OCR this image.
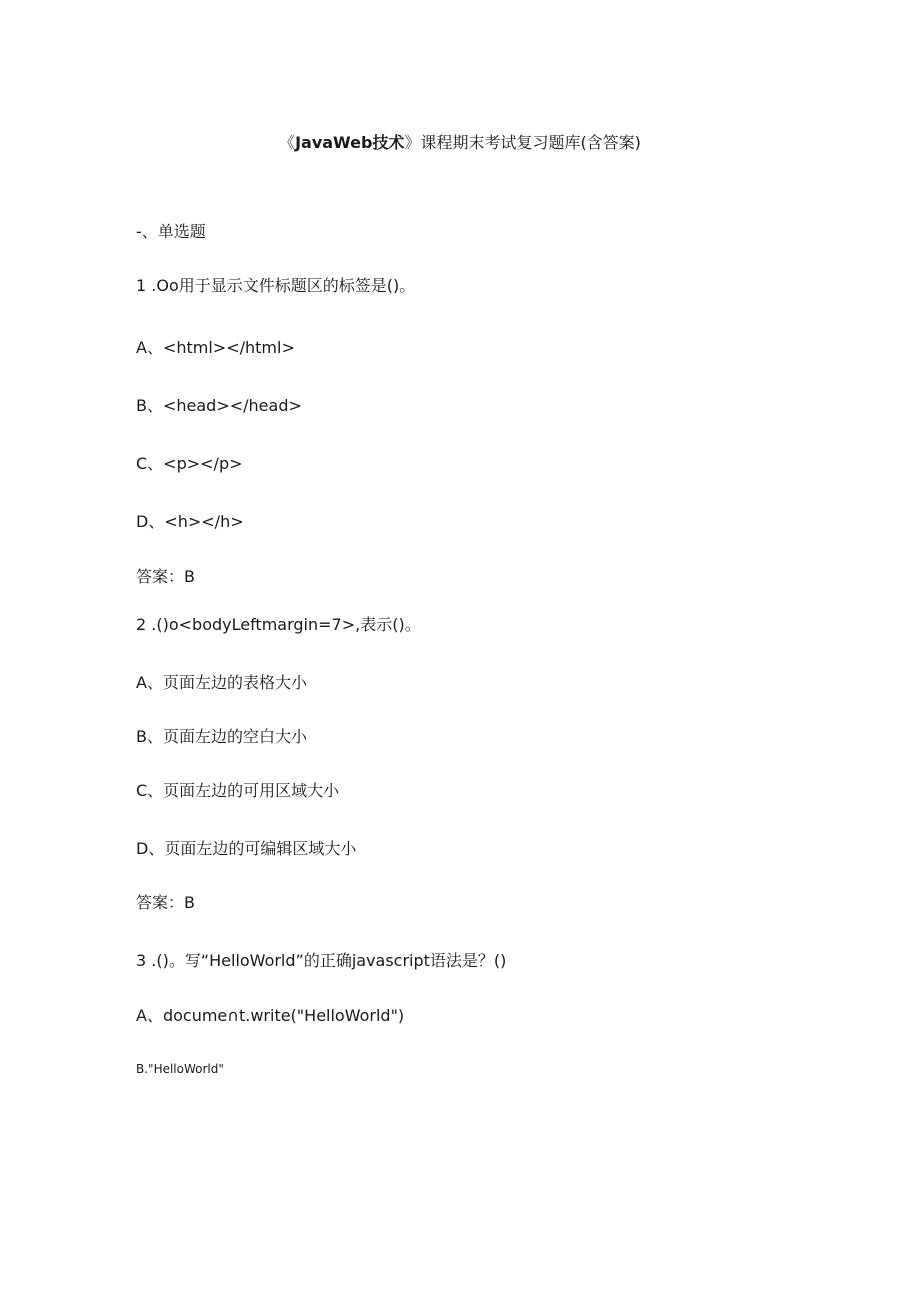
《JavaWeb技术》课程期末考试复习题库(含答案)
-、单选题
1 .Oo用于显示文件标题区的标签是()。
A、<html></html>
B、<head></head>
C、<p></p>
D、<h></h>
答案：B
2 .()o<bodyLeftmargin=7>,表示()。
A、页面左边的表格大小
B、页面左边的空白大小
C、页面左边的可用区域大小
D、页面左边的可编辑区域大小
答案：B
3 .()。写“HelloWorld”的正确javascript语法是？()
A、docume∩t.write("HelloWorld")
B."HelloWorld"
